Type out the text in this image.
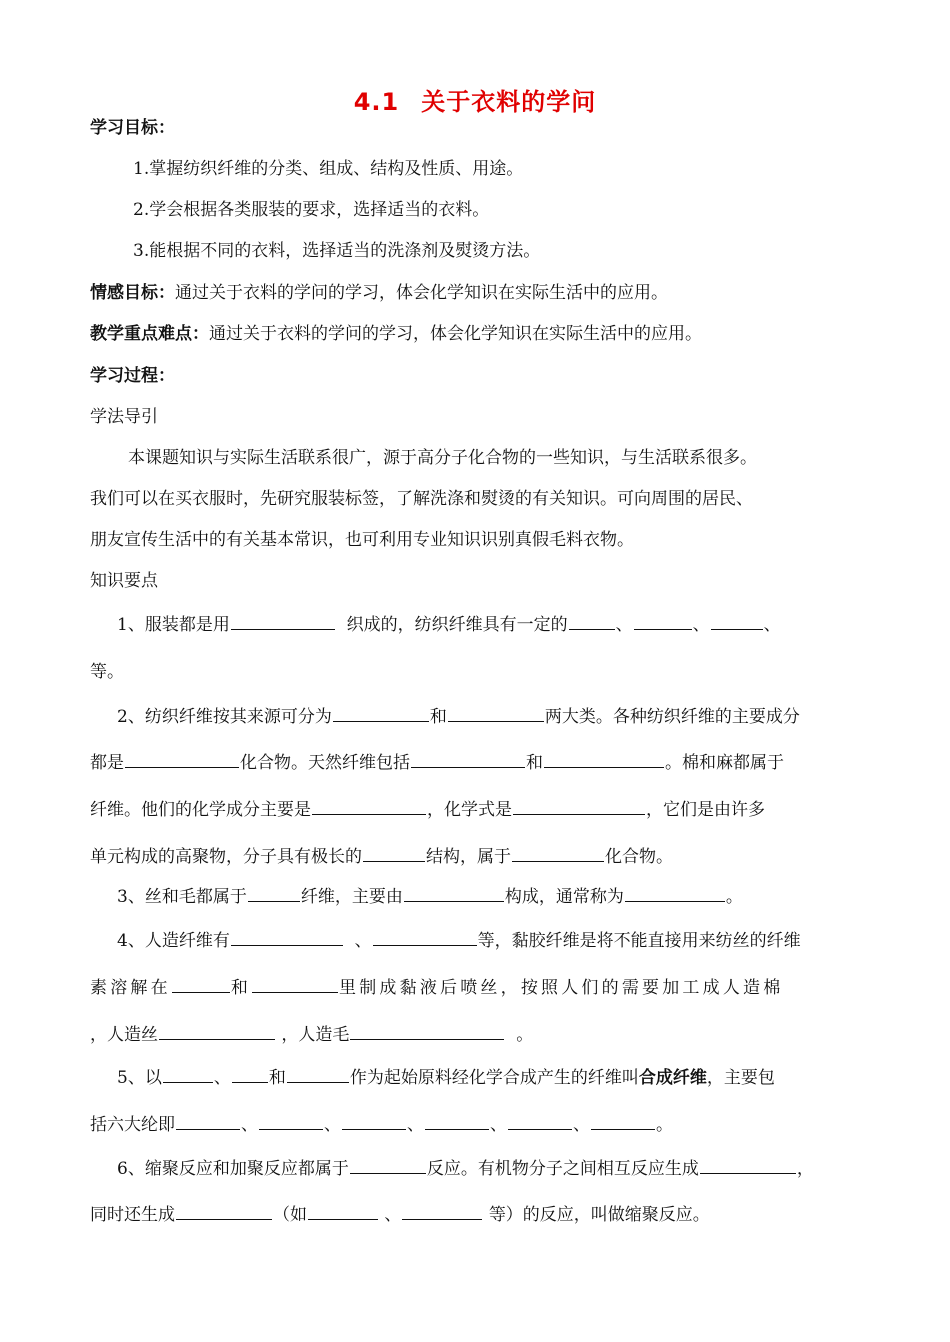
4.1 关于衣料的学问
学习目标：
1.掌握纺织纤维的分类、组成、结构及性质、用途。
2.学会根据各类服装的要求，选择适当的衣料。
3.能根据不同的衣料，选择适当的洗涤剂及熨烫方法。
情感目标：通过关于衣料的学问的学习，体会化学知识在实际生活中的应用。
教学重点难点：通过关于衣料的学问的学习，体会化学知识在实际生活中的应用。
学习过程：
学法导引
本课题知识与实际生活联系很广，源于高分子化合物的一些知识，与生活联系很多。
我们可以在买衣服时，先研究服装标签，了解洗涤和熨烫的有关知识。可向周围的居民、
朋友宣传生活中的有关基本常识，也可利用专业知识识别真假毛料衣物。
知识要点
1、服装都是用	织成的，纺织纤维具有一定的	、	、	、
等。
2、纺织纤维按其来源可分为	和	两大类。各种纺织纤维的主要成分
都是	化合物。天然纤维包括	和	。棉和麻都属于
纤维。他们的化学成分主要是	，化学式是	，它们是由许多
单元构成的高聚物，分子具有极长的	结构，属于	化合物。
3、丝和毛都属于	纤维，主要由	构成，通常称为	。
4、人造纤维有	、	等，黏胶纤维是将不能直接用来纺丝的纤维
素溶解在	和	里制成黏液后喷丝，按照人们的需要加工成人造棉
，人造丝	，人造毛	。
5、以	、 和	作为起始原料经化学合成产生的纤维叫合成纤维，主要包
括六大纶即	、	、	、	、	、	。
6、缩聚反应和加聚反应都属于	反应。有机物分子之间相互反应生成	，
同时还生成	（如	、	等）的反应，叫做缩聚反应。
